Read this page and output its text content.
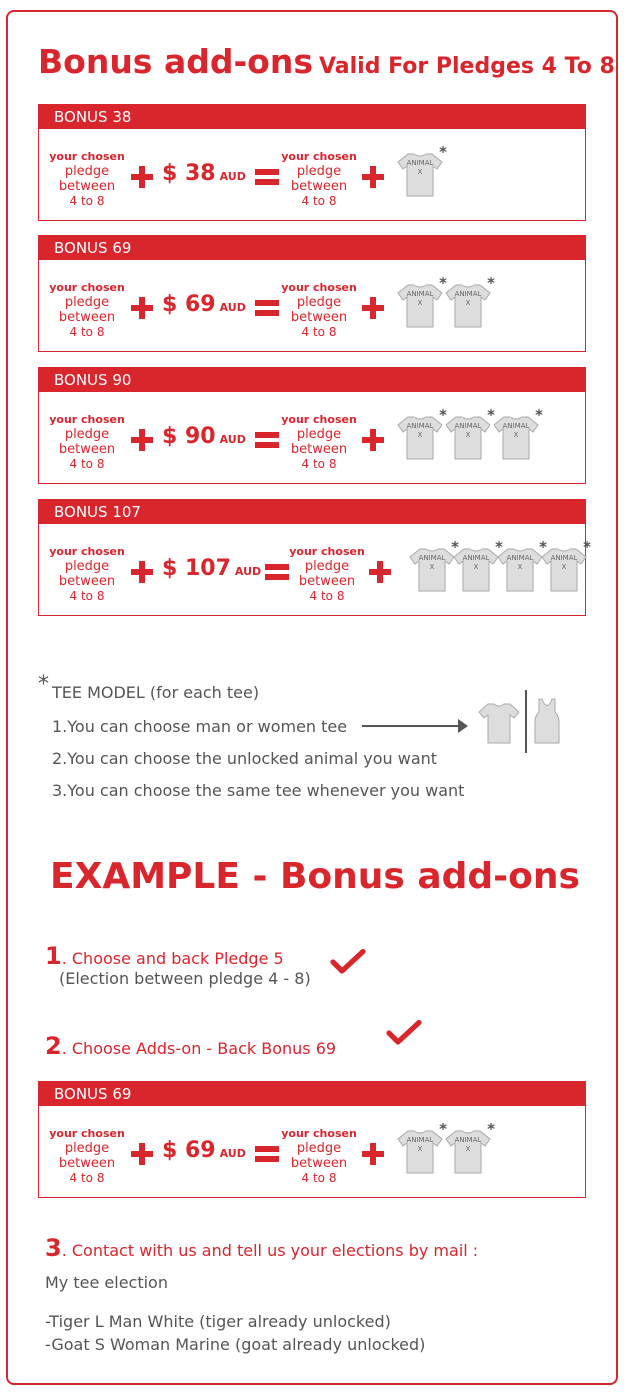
Bonus add-ons Valid For Pledges 4 To 8
BONUS 38
your chosen
pledge
between
4 to 8
$ 38 AUD
your chosen
pledge
between
4 to 8
ANIMAL
X
*
BONUS 69
your chosen
pledge
between
4 to 8
$ 69 AUD
your chosen
pledge
between
4 to 8
ANIMAL
X
*
ANIMAL
X
*
BONUS 90
your chosen
pledge
between
4 to 8
$ 90 AUD
your chosen
pledge
between
4 to 8
ANIMAL
X
*
ANIMAL
X
*
ANIMAL
X
*
BONUS 107
your chosen
pledge
between
4 to 8
$ 107 AUD
your chosen
pledge
between
4 to 8
ANIMAL
X
*
ANIMAL
X
*
ANIMAL
X
*
ANIMAL
X
*
* TEE MODEL (for each tee)
1.You can choose man or women tee
2.You can choose the unlocked animal you want
3.You can choose the same tee whenever you want
EXAMPLE - Bonus add-ons
1. Choose and back Pledge 5
(Election between pledge 4 - 8)
2. Choose Adds-on - Back Bonus 69
BONUS 69
your chosen
pledge
between
4 to 8
$ 69 AUD
your chosen
pledge
between
4 to 8
ANIMAL
X
*
ANIMAL
X
*
3. Contact with us and tell us your elections by mail :
My tee election
-Tiger L Man White (tiger already unlocked)
-Goat S Woman Marine (goat already unlocked)
